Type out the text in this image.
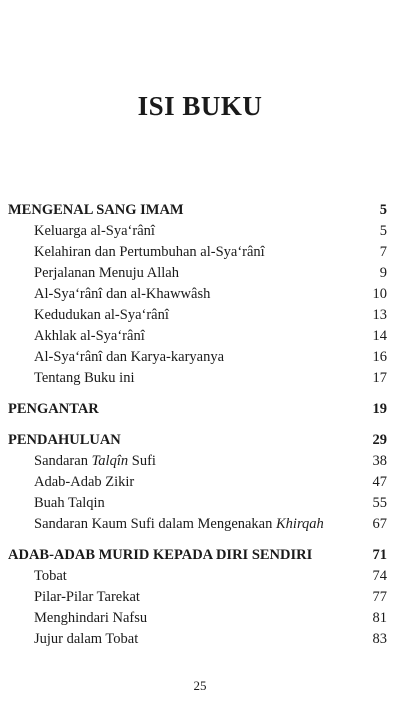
ISI BUKU
MENGENAL SANG IMAM	5
Keluarga al-Sya‘rânî	5
Kelahiran dan Pertumbuhan al-Sya‘rânî	7
Perjalanan Menuju Allah	9
Al-Sya‘rânî dan al-Khawwâsh	10
Kedudukan al-Sya‘rânî	13
Akhlak al-Sya‘rânî	14
Al-Sya‘rânî dan Karya-karyanya	16
Tentang Buku ini	17
PENGANTAR	19
PENDAHULUAN	29
Sandaran Talqîn Sufi	38
Adab-Adab Zikir	47
Buah Talqin	55
Sandaran Kaum Sufi dalam Mengenakan Khirqah	67
ADAB-ADAB MURID KEPADA DIRI SENDIRI	71
Tobat	74
Pilar-Pilar Tarekat	77
Menghindari Nafsu	81
Jujur dalam Tobat	83
25
